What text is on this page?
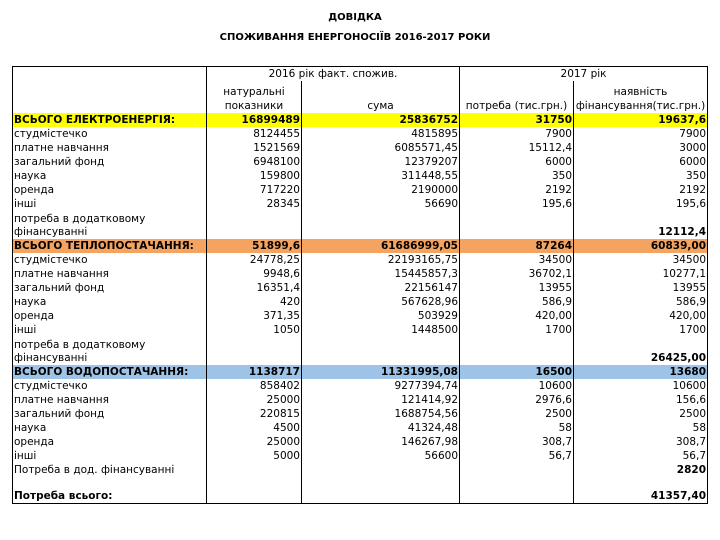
ДОВІДКА
СПОЖИВАННЯ ЕНЕРГОНОСІЇВ 2016-2017 РОКИ
	2016 рік факт. спожив.		2017 рік	
	натуральні показники	сума	потреба (тис.грн.)	наявність фінансування(тис.грн.)
ВСЬОГО ЕЛЕКТРОЕНЕРГІЯ:	16899489	25836752	31750	19637,6
студмістечко	8124455	4815895	7900	7900
платне навчання	1521569	6085571,45	15112,4	3000
загальний фонд	6948100	12379207	6000	6000
наука	159800	311448,55	350	350
оренда	717220	2190000	2192	2192
інші	28345	56690	195,6	195,6
потреба в додатковому фінансуванні				12112,4
ВСЬОГО ТЕПЛОПОСТАЧАННЯ:	51899,6	61686999,05	87264	60839,00
студмістечко	24778,25	22193165,75	34500	34500
платне навчання	9948,6	15445857,3	36702,1	10277,1
загальний фонд	16351,4	22156147	13955	13955
наука	420	567628,96	586,9	586,9
оренда	371,35	503929	420,00	420,00
інші	1050	1448500	1700	1700
потреба в додатковому фінансуванні				26425,00
ВСЬОГО ВОДОПОСТАЧАННЯ:	1138717	11331995,08	16500	13680
студмістечко	858402	9277394,74	10600	10600
платне навчання	25000	121414,92	2976,6	156,6
загальний фонд	220815	1688754,56	2500	2500
наука	4500	41324,48	58	58
оренда	25000	146267,98	308,7	308,7
інші	5000	56600	56,7	56,7
Потреба в дод. фінансуванні				2820

Потреба всього:				41357,40
